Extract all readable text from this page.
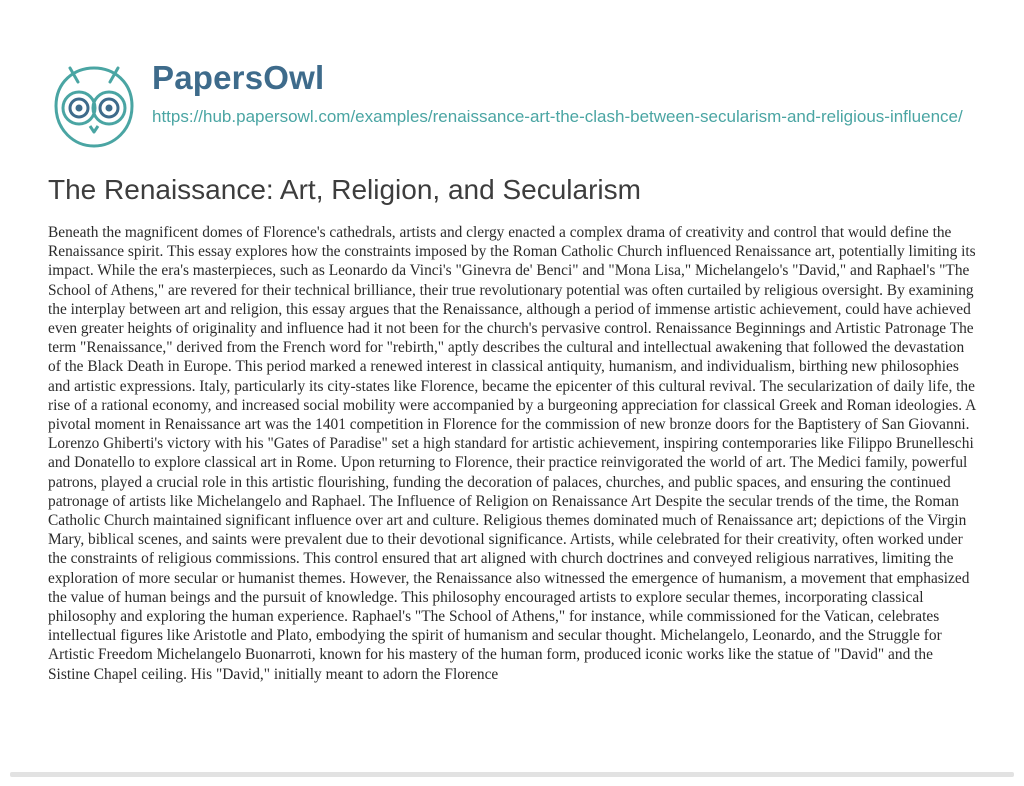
PapersOwl
https://hub.papersowl.com/examples/renaissance-art-the-clash-between-secularism-and-religious-influence/
The Renaissance: Art, Religion, and Secularism

Beneath the magnificent domes of Florence's cathedrals, artists and clergy enacted a complex drama of creativity and control that would define the Renaissance spirit. This essay explores how the constraints imposed by the Roman Catholic Church influenced Renaissance art, potentially limiting its impact. While the era's masterpieces, such as Leonardo da Vinci's "Ginevra de' Benci" and "Mona Lisa," Michelangelo's "David," and Raphael's "The School of Athens," are revered for their technical brilliance, their true revolutionary potential was often curtailed by religious oversight. By examining the interplay between art and religion, this essay argues that the Renaissance, although a period of immense artistic achievement, could have achieved even greater heights of originality and influence had it not been for the church's pervasive control. Renaissance Beginnings and Artistic Patronage The term "Renaissance," derived from the French word for "rebirth," aptly describes the cultural and intellectual awakening that followed the devastation of the Black Death in Europe. This period marked a renewed interest in classical antiquity, humanism, and individualism, birthing new philosophies and artistic expressions. Italy, particularly its city-states like Florence, became the epicenter of this cultural revival. The secularization of daily life, the rise of a rational economy, and increased social mobility were accompanied by a burgeoning appreciation for classical Greek and Roman ideologies. A pivotal moment in Renaissance art was the 1401 competition in Florence for the commission of new bronze doors for the Baptistery of San Giovanni. Lorenzo Ghiberti's victory with his "Gates of Paradise" set a high standard for artistic achievement, inspiring contemporaries like Filippo Brunelleschi and Donatello to explore classical art in Rome. Upon returning to Florence, their practice reinvigorated the world of art. The Medici family, powerful patrons, played a crucial role in this artistic flourishing, funding the decoration of palaces, churches, and public spaces, and ensuring the continued patronage of artists like Michelangelo and Raphael. The Influence of Religion on Renaissance Art Despite the secular trends of the time, the Roman Catholic Church maintained significant influence over art and culture. Religious themes dominated much of Renaissance art; depictions of the Virgin Mary, biblical scenes, and saints were prevalent due to their devotional significance. Artists, while celebrated for their creativity, often worked under the constraints of religious commissions. This control ensured that art aligned with church doctrines and conveyed religious narratives, limiting the exploration of more secular or humanist themes. However, the Renaissance also witnessed the emergence of humanism, a movement that emphasized the value of human beings and the pursuit of knowledge. This philosophy encouraged artists to explore secular themes, incorporating classical philosophy and exploring the human experience. Raphael's "The School of Athens," for instance, while commissioned for the Vatican, celebrates intellectual figures like Aristotle and Plato, embodying the spirit of humanism and secular thought. Michelangelo, Leonardo, and the Struggle for Artistic Freedom Michelangelo Buonarroti, known for his mastery of the human form, produced iconic works like the statue of "David" and the Sistine Chapel ceiling. His "David," initially meant to adorn the Florence
